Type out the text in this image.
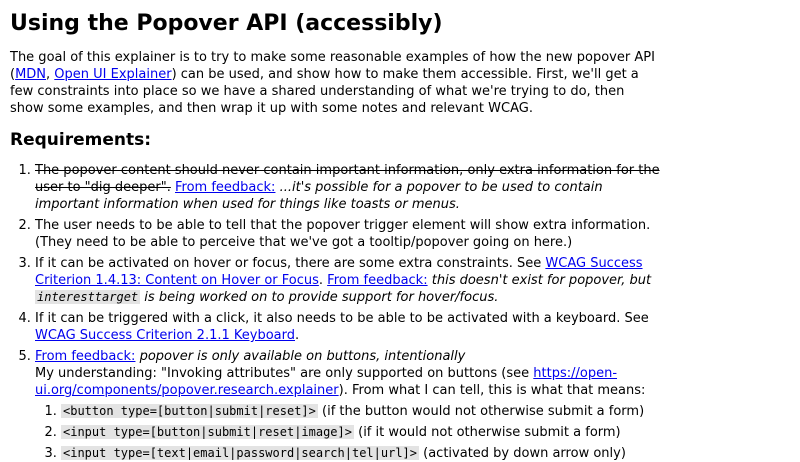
Using the Popover API (accessibly)

The goal of this explainer is to try to make some reasonable examples of how the new popover API (MDN, Open UI Explainer) can be used, and show how to make them accessible. First, we'll get a few constraints into place so we have a shared understanding of what we're trying to do, then show some examples, and then wrap it up with some notes and relevant WCAG.

Requirements:
1. The popover content should never contain important information, only extra information for the user to "dig deeper". From feedback: ...it's possible for a popover to be used to contain important information when used for things like toasts or menus.
2. The user needs to be able to tell that the popover trigger element will show extra information. (They need to be able to perceive that we've got a tooltip/popover going on here.)
3. If it can be activated on hover or focus, there are some extra constraints. See WCAG Success Criterion 1.4.13: Content on Hover or Focus. From feedback: this doesn't exist for popover, but interesttarget is being worked on to provide support for hover/focus.
4. If it can be triggered with a click, it also needs to be able to be activated with a keyboard. See WCAG Success Criterion 2.1.1 Keyboard.
5. From feedback: popover is only available on buttons, intentionally
My understanding: "Invoking attributes" are only supported on buttons (see https://open-ui.org/components/popover.research.explainer). From what I can tell, this is what that means:
1. <button type=[button|submit|reset]> (if the button would not otherwise submit a form)
2. <input type=[button|submit|reset|image]> (if it would not otherwise submit a form)
3. <input type=[text|email|password|search|tel|url]> (activated by down arrow only)
